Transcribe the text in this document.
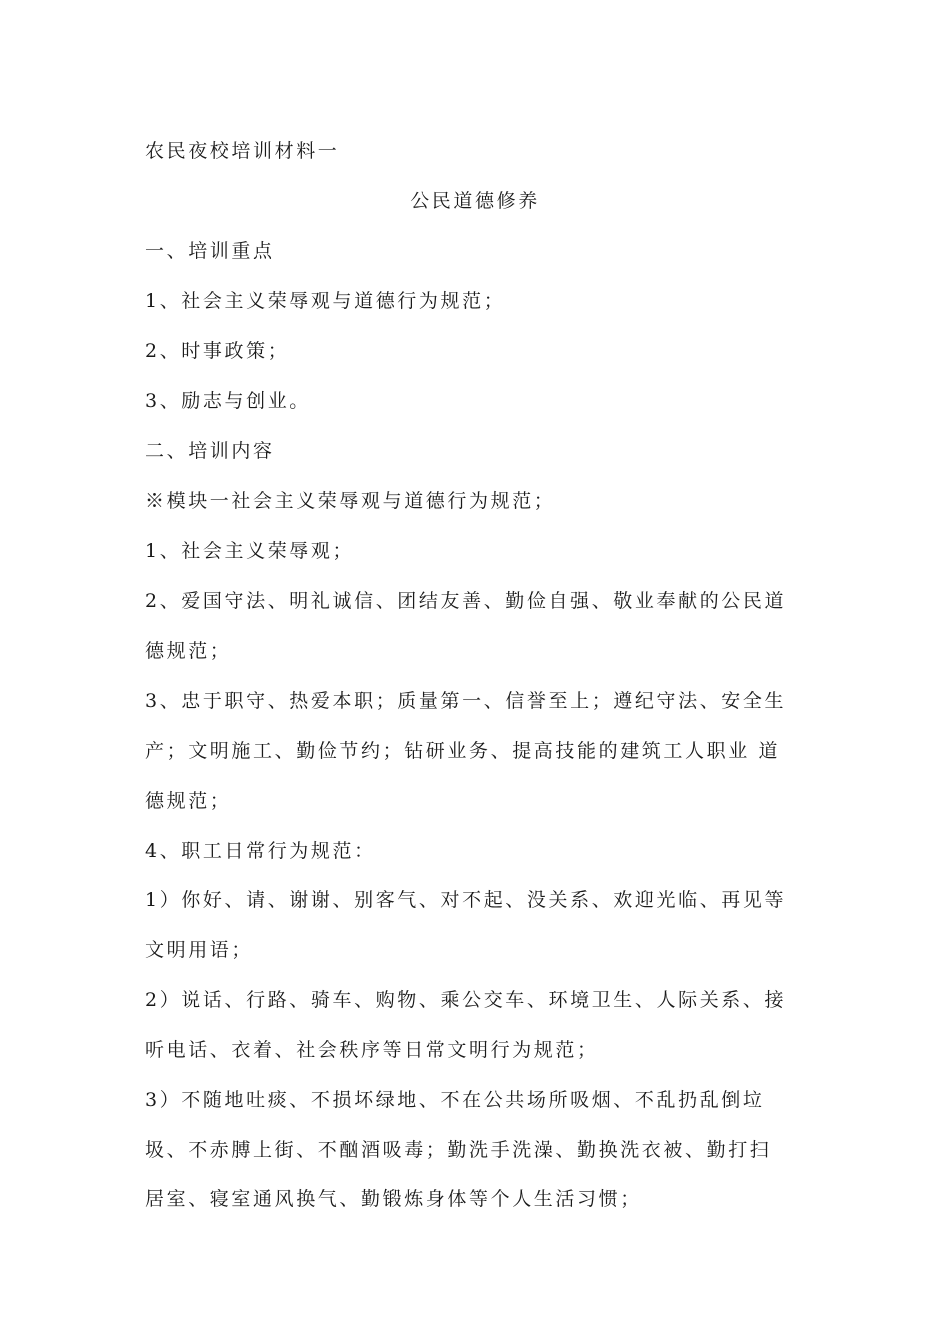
农民夜校培训材料一
公民道德修养
一、培训重点
1、社会主义荣辱观与道德行为规范；
2、时事政策；
3、励志与创业。
二、培训内容
※模块一社会主义荣辱观与道德行为规范；
1、社会主义荣辱观；
2、爱国守法、明礼诚信、团结友善、勤俭自强、敬业奉献的公民道
德规范；
3、忠于职守、热爱本职；质量第一、信誉至上；遵纪守法、安全生
产；文明施工、勤俭节约；钻研业务、提高技能的建筑工人职业 道
德规范；
4、职工日常行为规范：
1）你好、请、谢谢、别客气、对不起、没关系、欢迎光临、再见等
文明用语；
2）说话、行路、骑车、购物、乘公交车、环境卫生、人际关系、接
听电话、衣着、社会秩序等日常文明行为规范；
3）不随地吐痰、不损坏绿地、不在公共场所吸烟、不乱扔乱倒垃
圾、不赤膊上街、不酗酒吸毒；勤洗手洗澡、勤换洗衣被、勤打扫
居室、寝室通风换气、勤锻炼身体等个人生活习惯；
